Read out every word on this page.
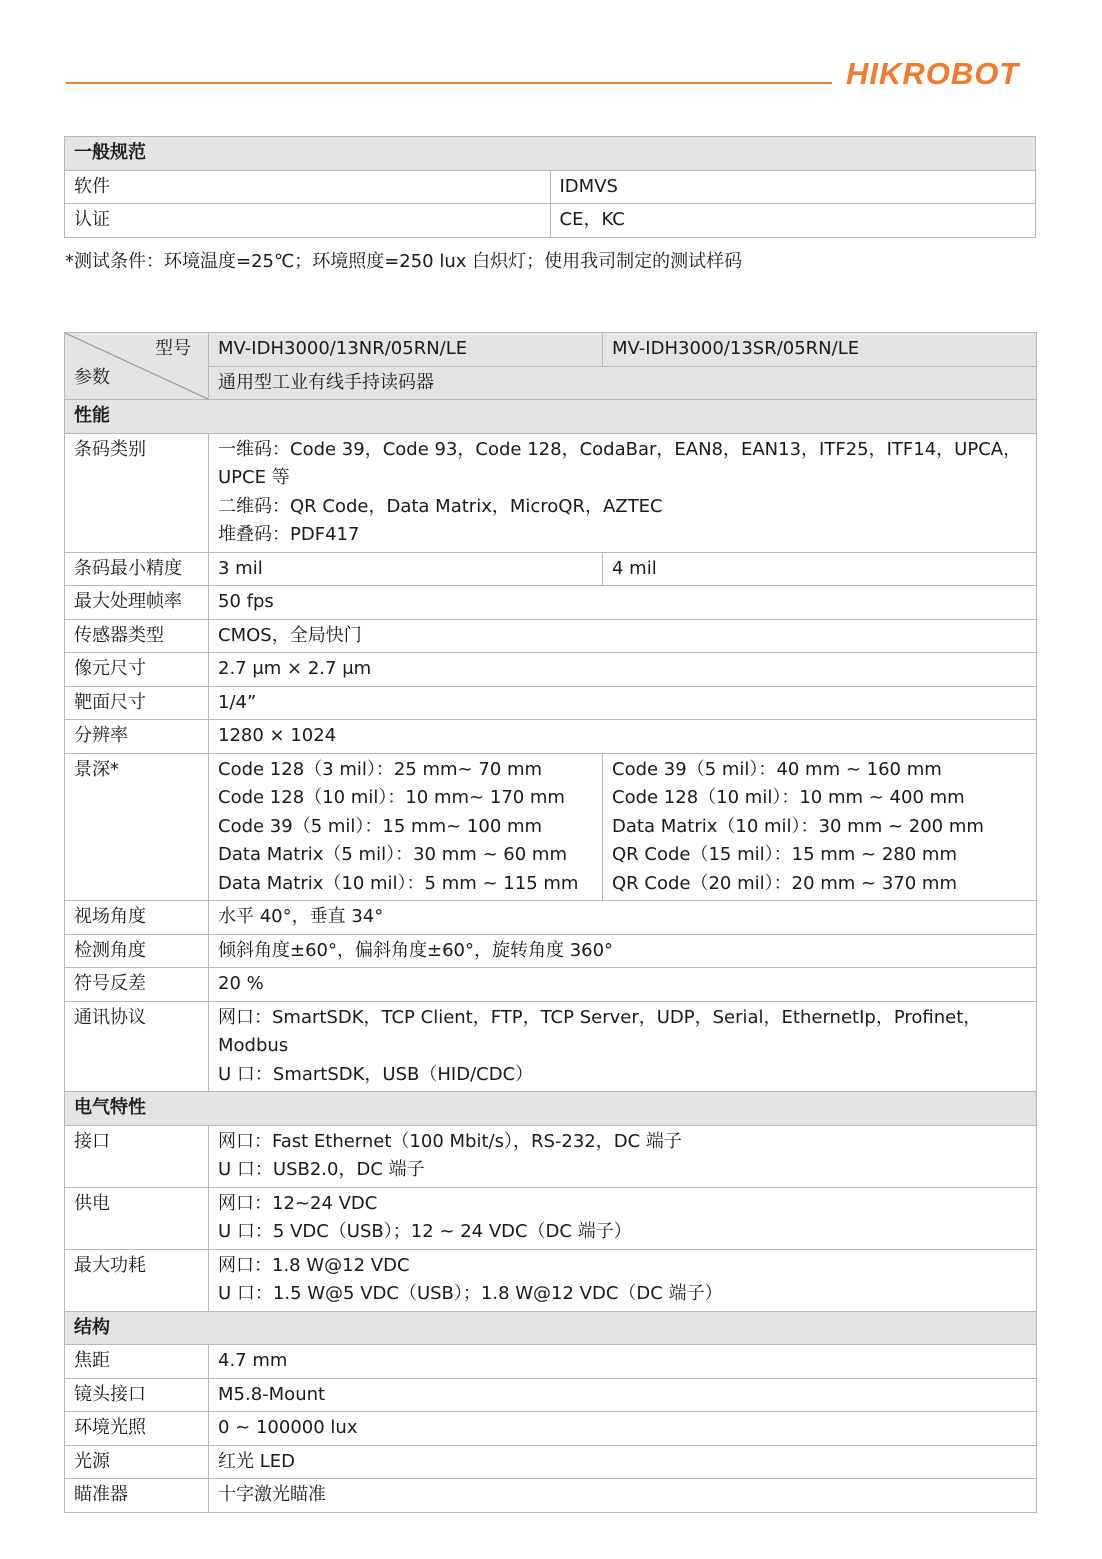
HIKROBOT
一般规范	
软件	IDMVS
认证	CE，KC
*测试条件：环境温度=25℃；环境照度=250 lux 白炽灯；使用我司制定的测试样码
型号
参数	MV-IDH3000/13NR/05RN/LE	MV-IDH3000/13SR/05RN/LE
	通用型工业有线手持读码器	
性能		
条码类别	一维码：Code 39，Code 93，Code 128，CodaBar，EAN8，EAN13，ITF25，ITF14，UPCA，
UPCE 等
二维码：QR Code，Data Matrix，MicroQR，AZTEC
堆叠码：PDF417	

条码最小精度	3 mil	4 mil
最大处理帧率	50 fps	
传感器类型	CMOS，全局快门	
像元尺寸	2.7 μm × 2.7 μm	
靶面尺寸	1/4”	
分辨率	1280 × 1024	
景深*	Code 128（3 mil）：25 mm~ 70 mm
Code 128（10 mil）：10 mm~ 170 mm
Code 39（5 mil）：15 mm~ 100 mm
Data Matrix（5 mil）：30 mm ~ 60 mm
Data Matrix（10 mil）：5 mm ~ 115 mm	Code 39（5 mil）：40 mm ~ 160 mm
Code 128（10 mil）：10 mm ~ 400 mm
Data Matrix（10 mil）：30 mm ~ 200 mm
QR Code（15 mil）：15 mm ~ 280 mm
QR Code（20 mil）：20 mm ~ 370 mm

视场角度	水平 40°，垂直 34°	
检测角度	倾斜角度±60°，偏斜角度±60°，旋转角度 360°	
符号反差	20 %	
通讯协议	网口：SmartSDK，TCP Client，FTP，TCP Server，UDP，Serial，EthernetIp，Profinet，
Modbus
U 口：SmartSDK，USB（HID/CDC）	

电气特性		
接口	网口：Fast Ethernet（100 Mbit/s），RS-232，DC 端子
U 口：USB2.0，DC 端子	

供电	网口：12~24 VDC
U 口：5 VDC（USB）；12 ~ 24 VDC（DC 端子）	

最大功耗	网口：1.8 W@12 VDC
U 口：1.5 W@5 VDC（USB）；1.8 W@12 VDC（DC 端子）	

结构		
焦距	4.7 mm	
镜头接口	M5.8-Mount	
环境光照	0 ~ 100000 lux	
光源	红光 LED	
瞄准器	十字激光瞄准	
